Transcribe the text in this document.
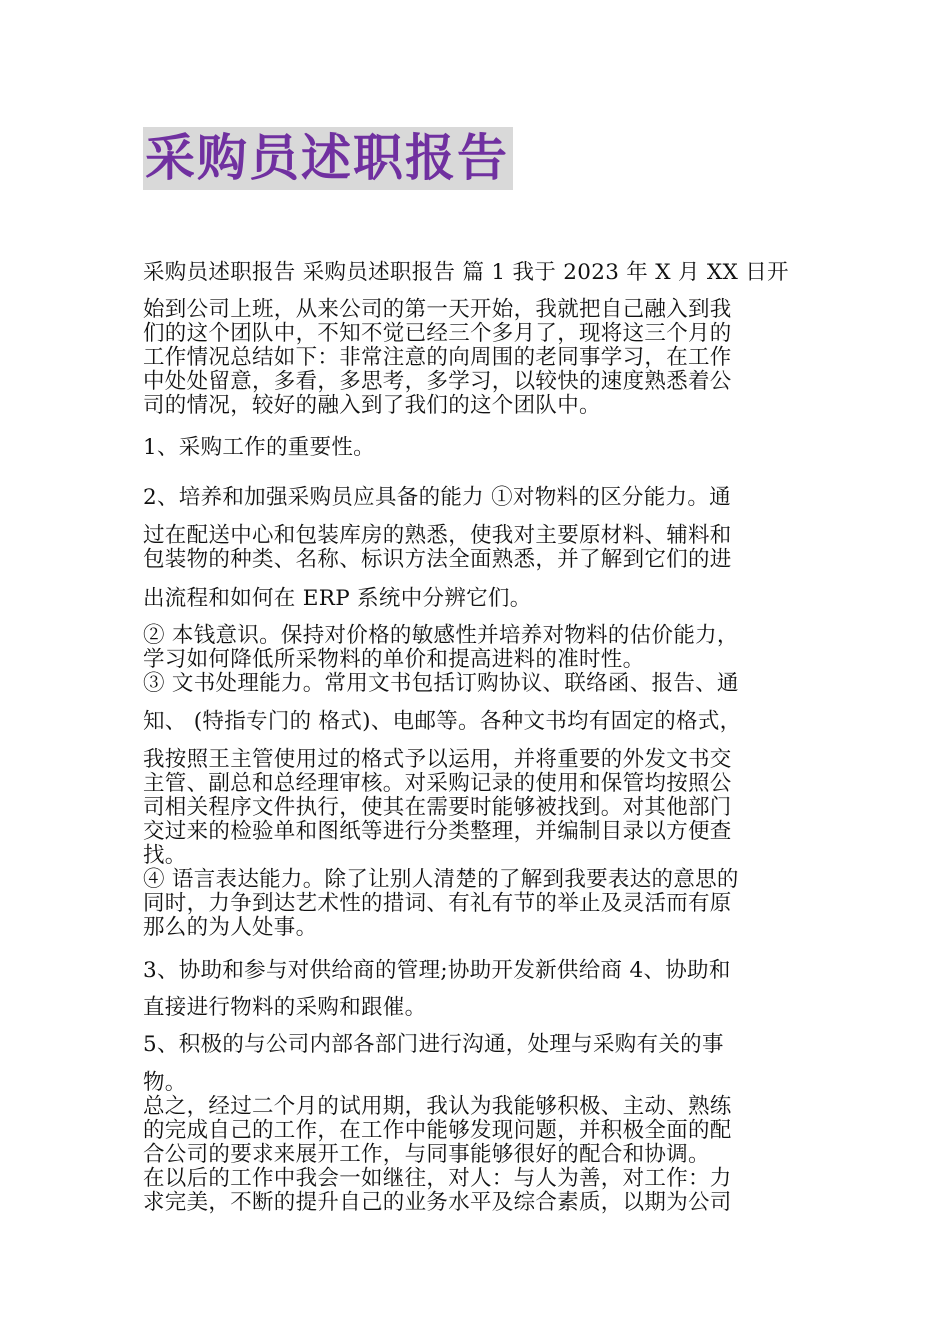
采购员述职报告
采购员述职报告 采购员述职报告 篇 1 我于 2023 年 X 月 XX 日开
始到公司上班，从来公司的第一天开始，我就把自己融入到我
们的这个团队中，不知不觉已经三个多月了，现将这三个月的
工作情况总结如下：非常注意的向周围的老同事学习，在工作
中处处留意，多看，多思考，多学习，以较快的速度熟悉着公
司的情况，较好的融入到了我们的这个团队中。
1、采购工作的重要性。
2、培养和加强采购员应具备的能力 ①对物料的区分能力。通
过在配送中心和包装库房的熟悉，使我对主要原材料、辅料和
包装物的种类、名称、标识方法全面熟悉，并了解到它们的进
出流程和如何在 ERP 系统中分辨它们。
② 本钱意识。保持对价格的敏感性并培养对物料的估价能力，
学习如何降低所采物料的单价和提高进料的准时性。
③ 文书处理能力。常用文书包括订购协议、联络函、报告、通
知、 (特指专门的 格式)、电邮等。各种文书均有固定的格式，
我按照王主管使用过的格式予以运用，并将重要的外发文书交
主管、副总和总经理审核。对采购记录的使用和保管均按照公
司相关程序文件执行，使其在需要时能够被找到。对其他部门
交过来的检验单和图纸等进行分类整理，并编制目录以方便查
找。
④ 语言表达能力。除了让别人清楚的了解到我要表达的意思的
同时，力争到达艺术性的措词、有礼有节的举止及灵活而有原
那么的为人处事。
3、协助和参与对供给商的管理;协助开发新供给商 4、协助和
直接进行物料的采购和跟催。
5、积极的与公司内部各部门进行沟通，处理与采购有关的事
物。
总之，经过二个月的试用期，我认为我能够积极、主动、熟练
的完成自己的工作，在工作中能够发现问题，并积极全面的配
合公司的要求来展开工作，与同事能够很好的配合和协调。
在以后的工作中我会一如继往，对人：与人为善，对工作：力
求完美，不断的提升自己的业务水平及综合素质，以期为公司
